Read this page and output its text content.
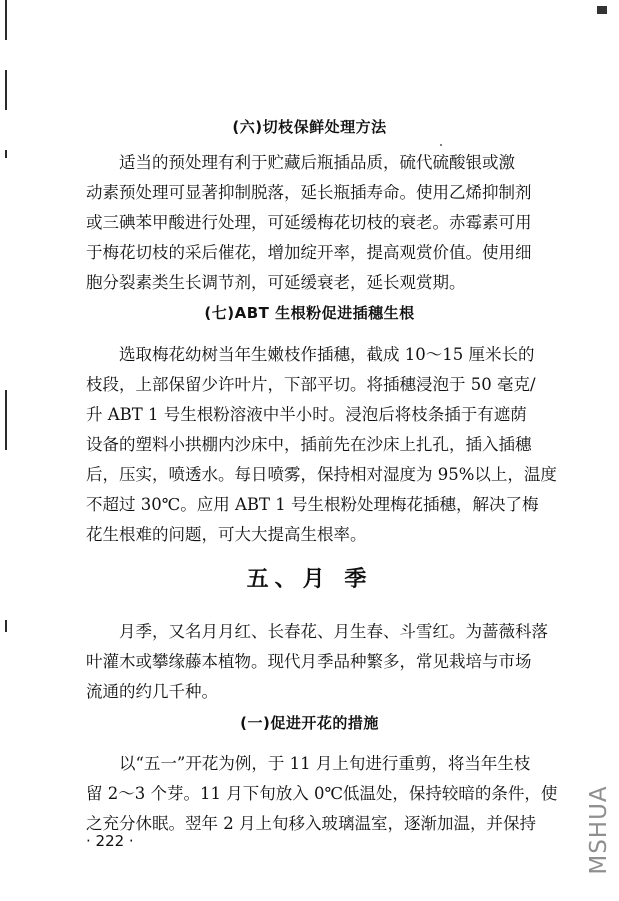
(六)切枝保鲜处理方法
适当的预处理有利于贮藏后瓶插品质，硫代硫酸银或激
动素预处理可显著抑制脱落，延长瓶插寿命。使用乙烯抑制剂
或三碘苯甲酸进行处理，可延缓梅花切枝的衰老。赤霉素可用
于梅花切枝的采后催花，增加绽开率，提高观赏价值。使用细
胞分裂素类生长调节剂，可延缓衰老，延长观赏期。
(七)ABT 生根粉促进插穗生根
选取梅花幼树当年生嫩枝作插穗，截成 10～15 厘米长的
枝段，上部保留少许叶片，下部平切。将插穗浸泡于 50 毫克/
升 ABT 1 号生根粉溶液中半小时。浸泡后将枝条插于有遮荫
设备的塑料小拱棚内沙床中，插前先在沙床上扎孔，插入插穗
后，压实，喷透水。每日喷雾，保持相对湿度为 95%以上，温度
不超过 30℃。应用 ABT 1 号生根粉处理梅花插穗，解决了梅
花生根难的问题，可大大提高生根率。
五、月 季
月季，又名月月红、长春花、月生春、斗雪红。为蔷薇科落
叶灌木或攀缘藤本植物。现代月季品种繁多，常见栽培与市场
流通的约几千种。
(一)促进开花的措施
以“五一”开花为例，于 11 月上旬进行重剪，将当年生枝
留 2～3 个芽。11 月下旬放入 0℃低温处，保持较暗的条件，使
之充分休眠。翌年 2 月上旬移入玻璃温室，逐渐加温，并保持
· 222 ·	MSHUA
